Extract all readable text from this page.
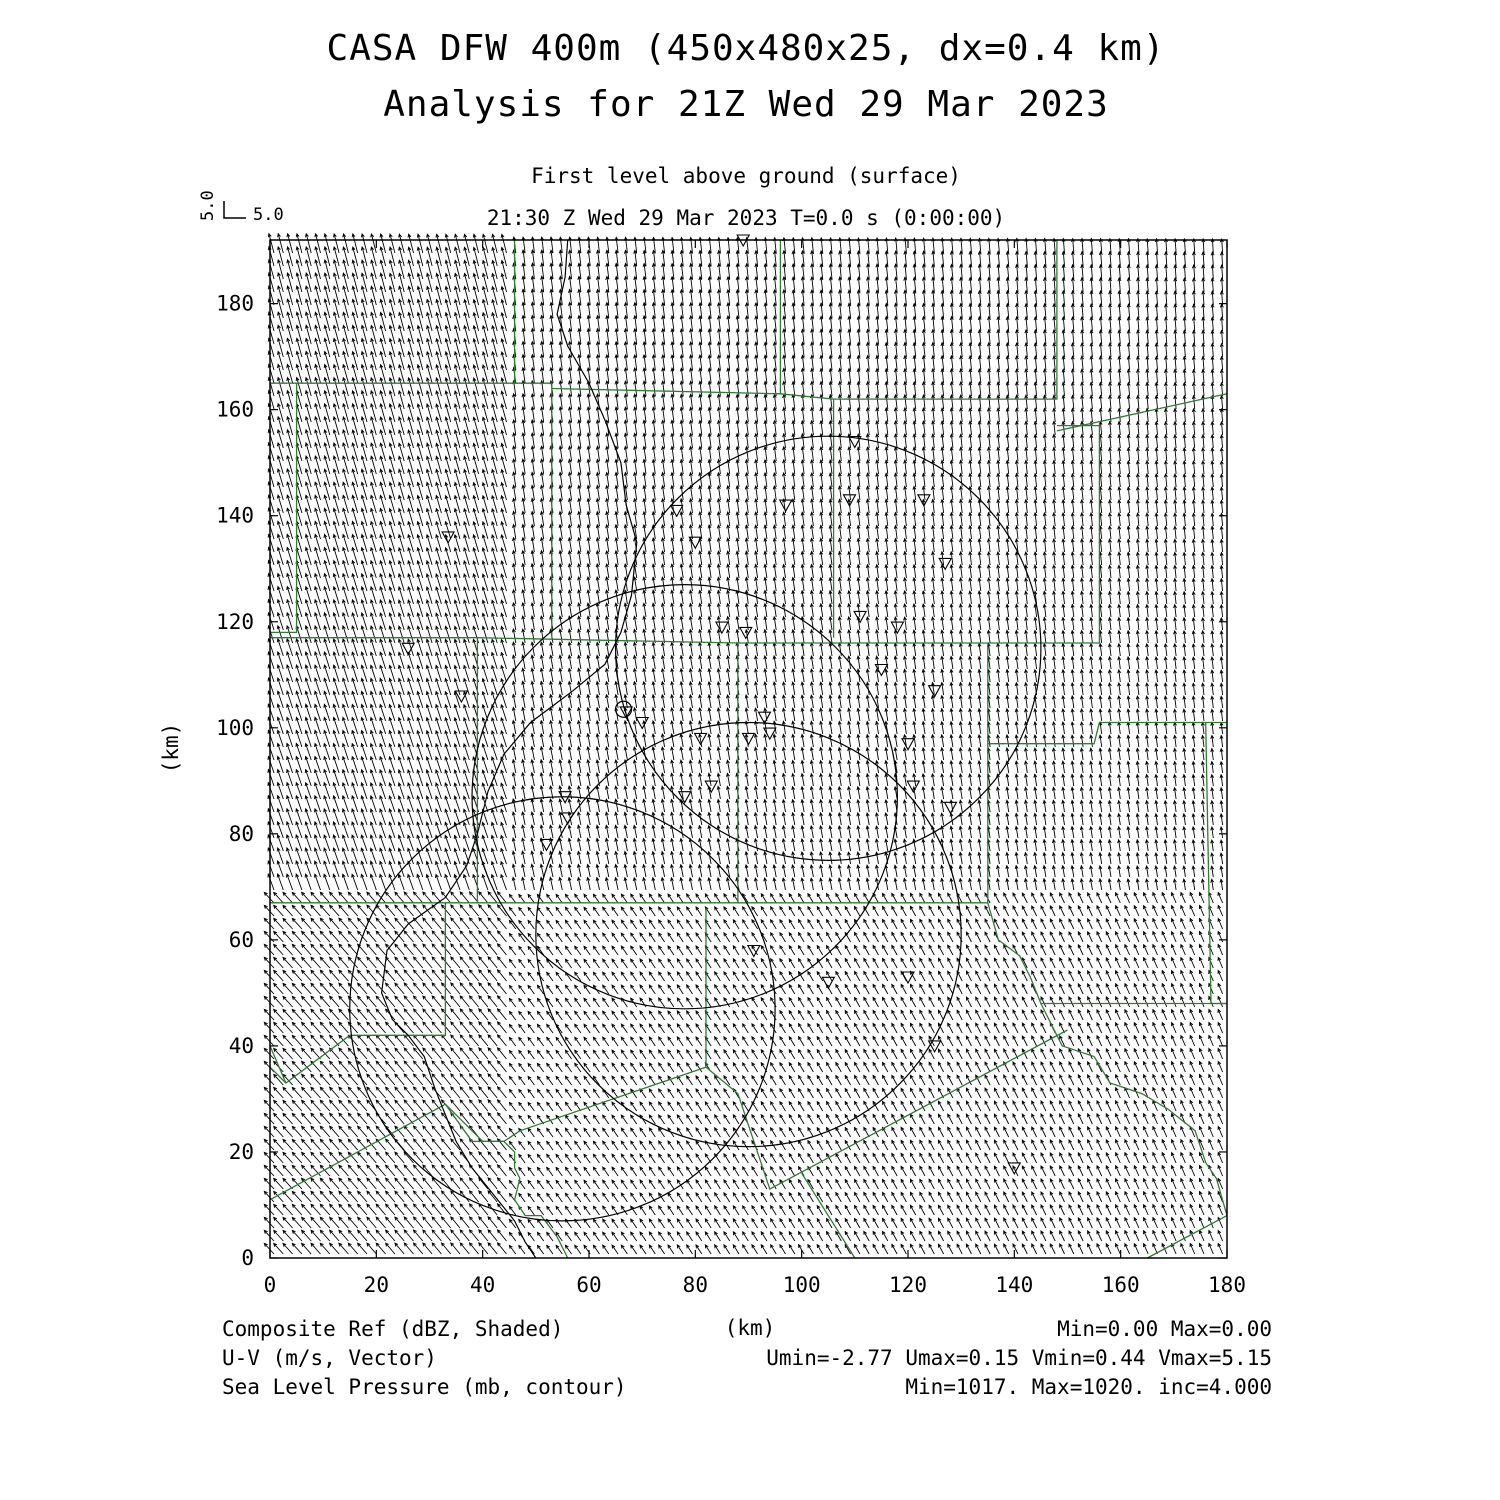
CASA DFW 400m (450x480x25, dx=0.4 km)
Analysis for 21Z Wed 29 Mar 2023
First level above ground (surface)
21:30 Z Wed 29 Mar 2023 T=0.0 s (0:00:00)
5.0
5.0
(km)
(km)
0
0
20
20
40
40
60
60
80
80
100
100
120
120
140
140
160
160
180
180
Composite Ref (dBZ, Shaded)
U-V (m/s, Vector)
Sea Level Pressure (mb, contour)
Min=0.00 Max=0.00
Umin=-2.77 Umax=0.15 Vmin=0.44 Vmax=5.15
Min=1017. Max=1020. inc=4.000
